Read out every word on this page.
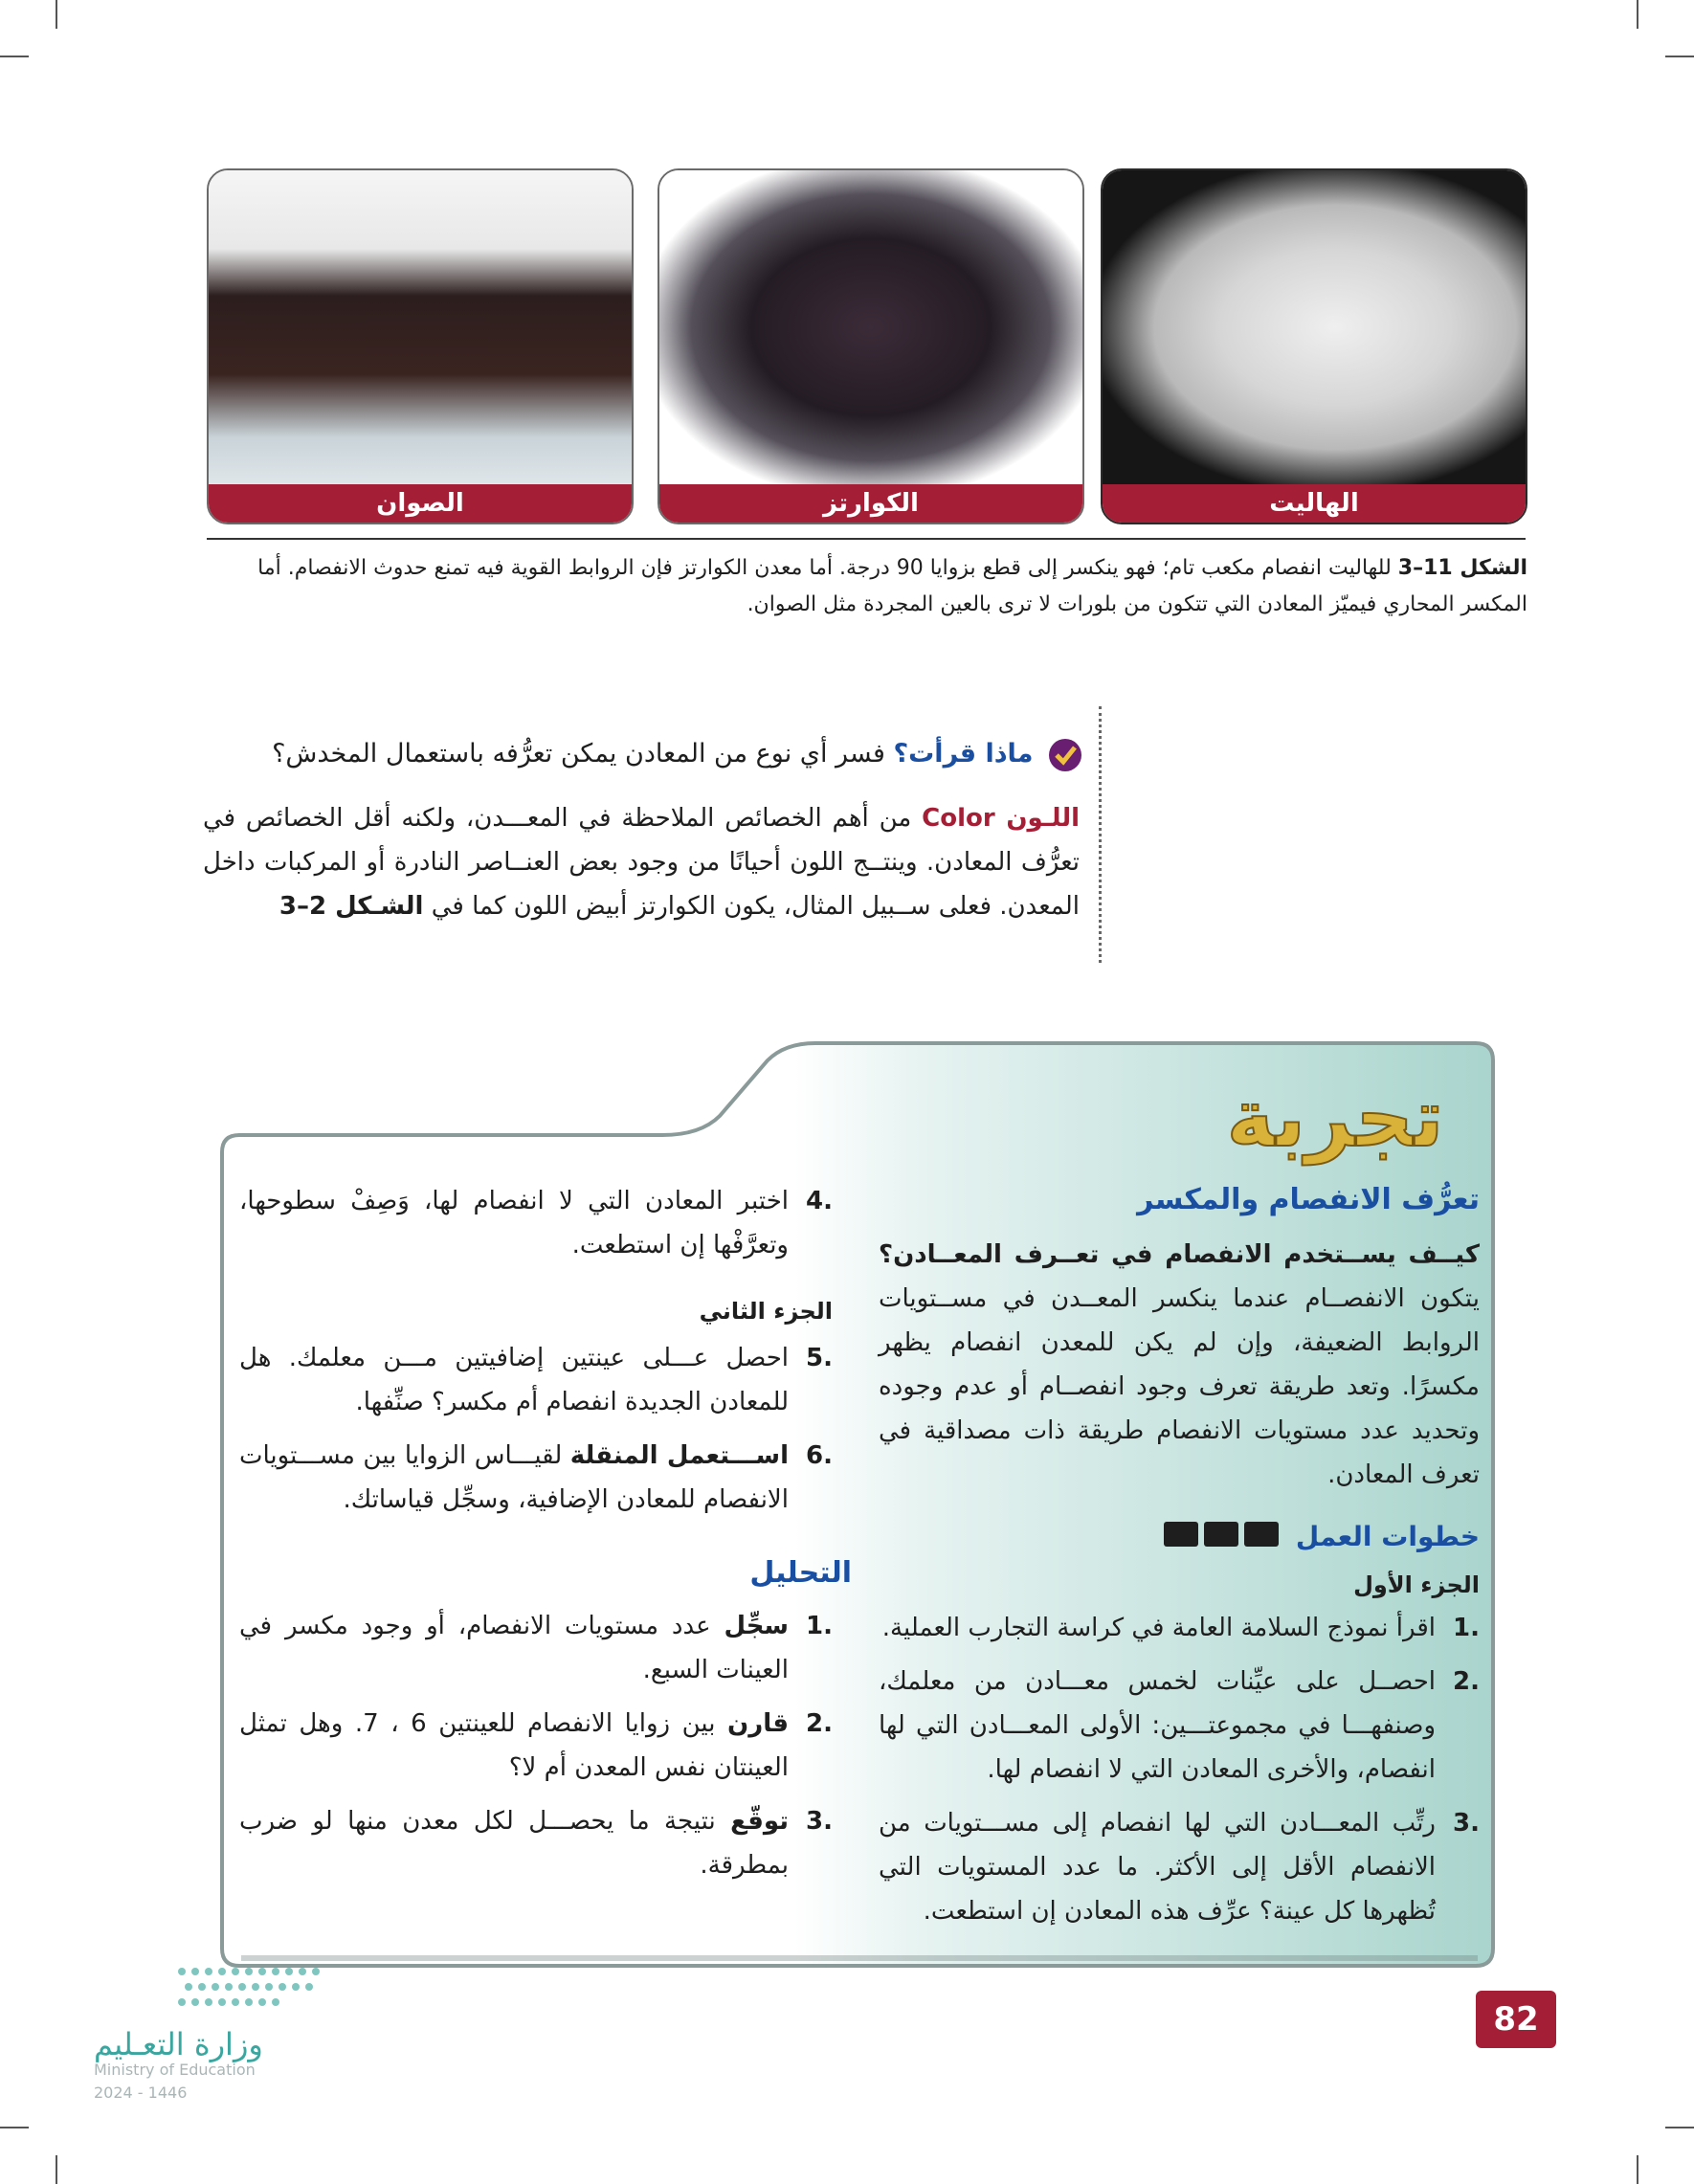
الهاليت
الكوارتز
الصوان
الشكل 11–3 للهاليت انفصام مكعب تام؛ فهو ينكسر إلى قطع بزوايا 90 درجة. أما معدن الكوارتز فإن الروابط القوية فيه تمنع حدوث الانفصام. أما المكسر المحاري فيميّز المعادن التي تتكون من بلورات لا ترى بالعين المجردة مثل الصوان.
ماذا قرأت؟ فسر أي نوع من المعادن يمكن تعرُّفه باستعمال المخدش؟
اللـون Color من أهم الخصائص الملاحظة في المعـــدن، ولكنه أقل الخصائص في تعرُّف المعادن. وينتــج اللون أحيانًا من وجود بعض العنــاصر النادرة أو المركبات داخل المعدن. فعلى ســبيل المثال، يكون الكوارتز أبيض اللون كما في الشـكل 2–3
تجربة
تعرُّف الانفصام والمكسر
كيــف يســتخدم الانفصام في تعــرف المعــادن؟ يتكون الانفصــام عندما ينكسر المعــدن في مســتويات الروابط الضعيفة، وإن لم يكن للمعدن انفصام يظهر مكسرًا. وتعد طريقة تعرف وجود انفصــام أو عدم وجوده وتحديد عدد مستويات الانفصام طريقة ذات مصداقية في تعرف المعادن.
خطوات العمل
الجزء الأول
.1
اقرأ نموذج السلامة العامة في كراسة التجارب العملية.
.2
احصــل على عيِّنات لخمس معـــادن من معلمك، وصنفهـــا في مجموعتـــين: الأولى المعـــادن التي لها انفصام، والأخرى المعادن التي لا انفصام لها.
.3
رتِّب المعـــادن التي لها انفصام إلى مســـتويات من الانفصام الأقل إلى الأكثر. ما عدد المستويات التي تُظهرها كل عينة؟ عرِّف هذه المعادن إن استطعت.
.4
اختبر المعادن التي لا انفصام لها، وَصِفْ سطوحها، وتعرَّفْها إن استطعت.
الجزء الثاني
.5
احصل عـــلى عينتين إضافيتين مـــن معلمك. هل للمعادن الجديدة انفصام أم مكسر؟ صنِّفها.
.6
اســـتعمل المنقلة لقيـــاس الزوايا بين مســـتويات الانفصام للمعادن الإضافية، وسجِّل قياساتك.
التحليل
.1
سجِّل عدد مستويات الانفصام، أو وجود مكسر في العينات السبع.
.2
قارن بين زوايا الانفصام للعينتين 6 ، 7. وهل تمثل العينتان نفس المعدن أم لا؟
.3
توقّع نتيجة ما يحصـــل لكل معدن منها لو ضرب بمطرقة.
82
وزارة التعـليم
Ministry of Education
2024 - 1446
